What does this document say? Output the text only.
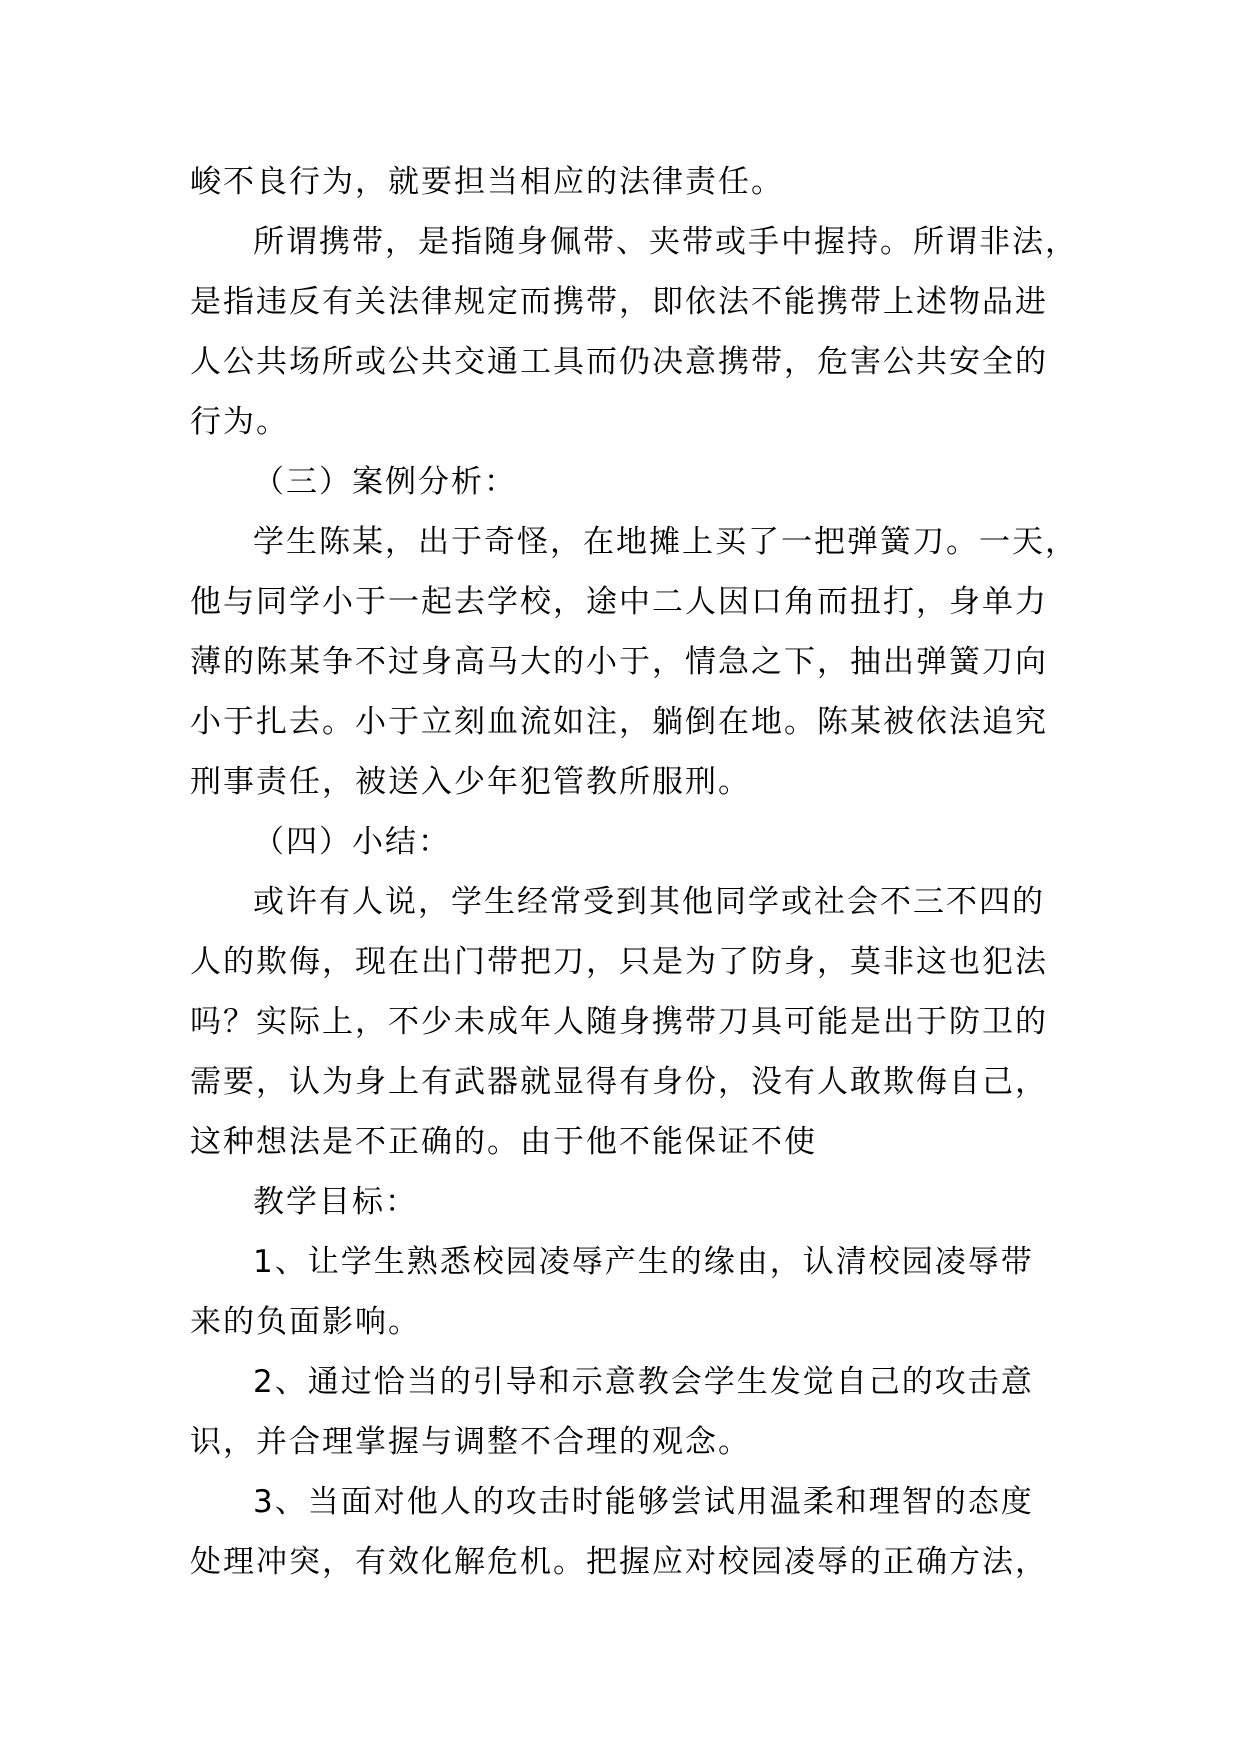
峻不良行为，就要担当相应的法律责任。
所谓携带，是指随身佩带、夹带或手中握持。所谓非法，
是指违反有关法律规定而携带，即依法不能携带上述物品进
人公共场所或公共交通工具而仍决意携带，危害公共安全的
行为。
（三）案例分析：
学生陈某，出于奇怪，在地摊上买了一把弹簧刀。一天，
他与同学小于一起去学校，途中二人因口角而扭打，身单力
薄的陈某争不过身高马大的小于，情急之下，抽出弹簧刀向
小于扎去。小于立刻血流如注，躺倒在地。陈某被依法追究
刑事责任，被送入少年犯管教所服刑。
（四）小结：
或许有人说，学生经常受到其他同学或社会不三不四的
人的欺侮，现在出门带把刀，只是为了防身，莫非这也犯法
吗？实际上，不少未成年人随身携带刀具可能是出于防卫的
需要，认为身上有武器就显得有身份，没有人敢欺侮自己，
这种想法是不正确的。由于他不能保证不使
教学目标：
1、让学生熟悉校园凌辱产生的缘由，认清校园凌辱带
来的负面影响。
2、通过恰当的引导和示意教会学生发觉自己的攻击意
识，并合理掌握与调整不合理的观念。
3、当面对他人的攻击时能够尝试用温柔和理智的态度
处理冲突，有效化解危机。把握应对校园凌辱的正确方法，
